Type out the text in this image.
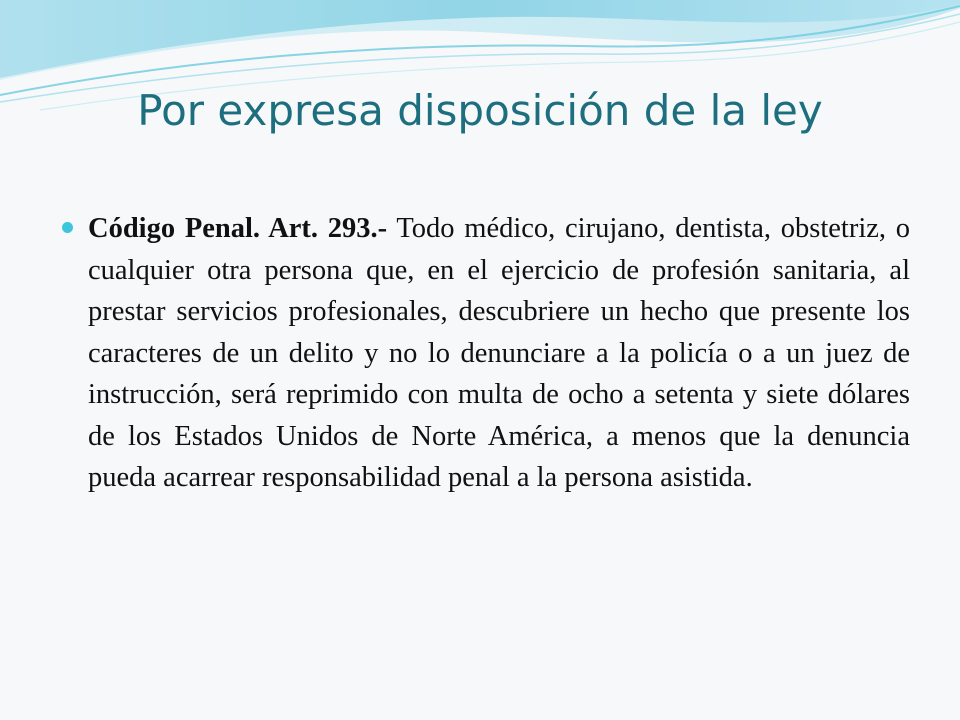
Por expresa disposición de la ley

Código Penal. Art. 293.- Todo médico, cirujano, dentista, obstetriz, o cualquier otra persona que, en el ejercicio de profesión sanitaria, al prestar servicios profesionales, descubriere un hecho que presente los caracteres de un delito y no lo denunciare a la policía o a un juez de instrucción, será reprimido con multa de ocho a setenta y siete dólares de los Estados Unidos de Norte América, a menos que la denuncia pueda acarrear responsabilidad penal a la persona asistida.
